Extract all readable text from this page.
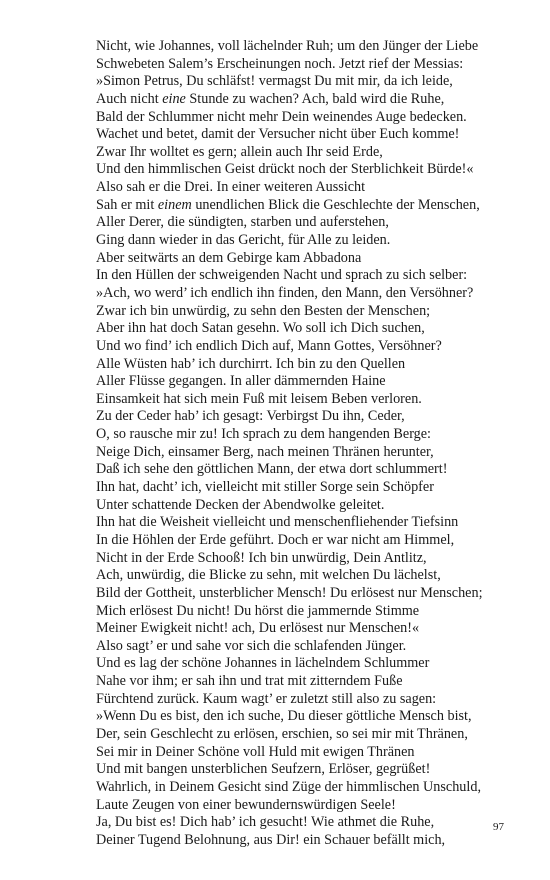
Nicht, wie Johannes, voll lächelnder Ruh; um den Jünger der Liebe
Schwebeten Salem’s Erscheinungen noch. Jetzt rief der Messias:
»Simon Petrus, Du schläfst! vermagst Du mit mir, da ich leide,
Auch nicht eine Stunde zu wachen? Ach, bald wird die Ruhe,
Bald der Schlummer nicht mehr Dein weinendes Auge bedecken.
Wachet und betet, damit der Versucher nicht über Euch komme!
Zwar Ihr wolltet es gern; allein auch Ihr seid Erde,
Und den himmlischen Geist drückt noch der Sterblichkeit Bürde!«
Also sah er die Drei. In einer weiteren Aussicht
Sah er mit einem unendlichen Blick die Geschlechte der Menschen,
Aller Derer, die sündigten, starben und auferstehen,
Ging dann wieder in das Gericht, für Alle zu leiden.
Aber seitwärts an dem Gebirge kam Abbadona
In den Hüllen der schweigenden Nacht und sprach zu sich selber:
»Ach, wo werd’ ich endlich ihn finden, den Mann, den Versöhner?
Zwar ich bin unwürdig, zu sehn den Besten der Menschen;
Aber ihn hat doch Satan gesehn. Wo soll ich Dich suchen,
Und wo find’ ich endlich Dich auf, Mann Gottes, Versöhner?
Alle Wüsten hab’ ich durchirrt. Ich bin zu den Quellen
Aller Flüsse gegangen. In aller dämmernden Haine
Einsamkeit hat sich mein Fuß mit leisem Beben verloren.
Zu der Ceder hab’ ich gesagt: Verbirgst Du ihn, Ceder,
O, so rausche mir zu! Ich sprach zu dem hangenden Berge:
Neige Dich, einsamer Berg, nach meinen Thränen herunter,
Daß ich sehe den göttlichen Mann, der etwa dort schlummert!
Ihn hat, dacht’ ich, vielleicht mit stiller Sorge sein Schöpfer
Unter schattende Decken der Abendwolke geleitet.
Ihn hat die Weisheit vielleicht und menschenfliehender Tiefsinn
In die Höhlen der Erde geführt. Doch er war nicht am Himmel,
Nicht in der Erde Schooß! Ich bin unwürdig, Dein Antlitz,
Ach, unwürdig, die Blicke zu sehn, mit welchen Du lächelst,
Bild der Gottheit, unsterblicher Mensch! Du erlösest nur Menschen;
Mich erlösest Du nicht! Du hörst die jammernde Stimme
Meiner Ewigkeit nicht! ach, Du erlösest nur Menschen!«
Also sagt’ er und sahe vor sich die schlafenden Jünger.
Und es lag der schöne Johannes in lächelndem Schlummer
Nahe vor ihm; er sah ihn und trat mit zitterndem Fuße
Fürchtend zurück. Kaum wagt’ er zuletzt still also zu sagen:
»Wenn Du es bist, den ich suche, Du dieser göttliche Mensch bist,
Der, sein Geschlecht zu erlösen, erschien, so sei mir mit Thränen,
Sei mir in Deiner Schöne voll Huld mit ewigen Thränen
Und mit bangen unsterblichen Seufzern, Erlöser, gegrüßet!
Wahrlich, in Deinem Gesicht sind Züge der himmlischen Unschuld,
Laute Zeugen von einer bewundernswürdigen Seele!
Ja, Du bist es! Dich hab’ ich gesucht! Wie athmet die Ruhe,
Deiner Tugend Belohnung, aus Dir! ein Schauer befällt mich,
97
